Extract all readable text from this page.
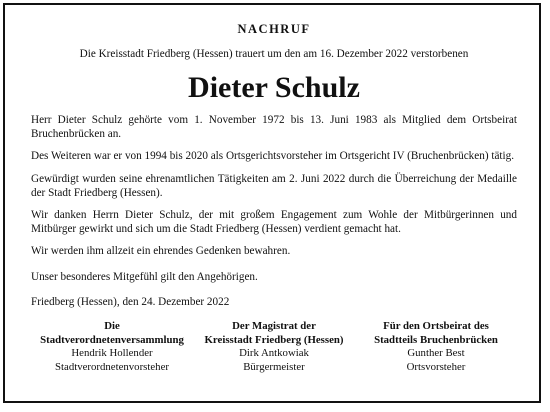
NACHRUF

Die Kreisstadt Friedberg (Hessen) trauert um den am 16. Dezember 2022 verstorbenen

Dieter Schulz

Herr Dieter Schulz gehörte vom 1. November 1972 bis 13. Juni 1983 als Mitglied dem Ortsbeirat Bruchenbrücken an.

Des Weiteren war er von 1994 bis 2020 als Ortsgerichtsvorsteher im Ortsgericht IV (Bruchenbrücken) tätig.

Gewürdigt wurden seine ehrenamtlichen Tätigkeiten am 2. Juni 2022 durch die Überreichung der Medaille der Stadt Friedberg (Hessen).

Wir danken Herrn Dieter Schulz, der mit großem Engagement zum Wohle der Mitbürgerinnen und Mitbürger gewirkt und sich um die Stadt Friedberg (Hessen) verdient gemacht hat.

Wir werden ihm allzeit ein ehrendes Gedenken bewahren.

Unser besonderes Mitgefühl gilt den Angehörigen.

Friedberg (Hessen), den 24. Dezember 2022

Die
Stadtverordnetenversammlung
Hendrik Hollender
Stadtverordnetenvorsteher
Der Magistrat der
Kreisstadt Friedberg (Hessen)
Dirk Antkowiak
Bürgermeister
Für den Ortsbeirat des
Stadtteils Bruchenbrücken
Gunther Best
Ortsvorsteher
